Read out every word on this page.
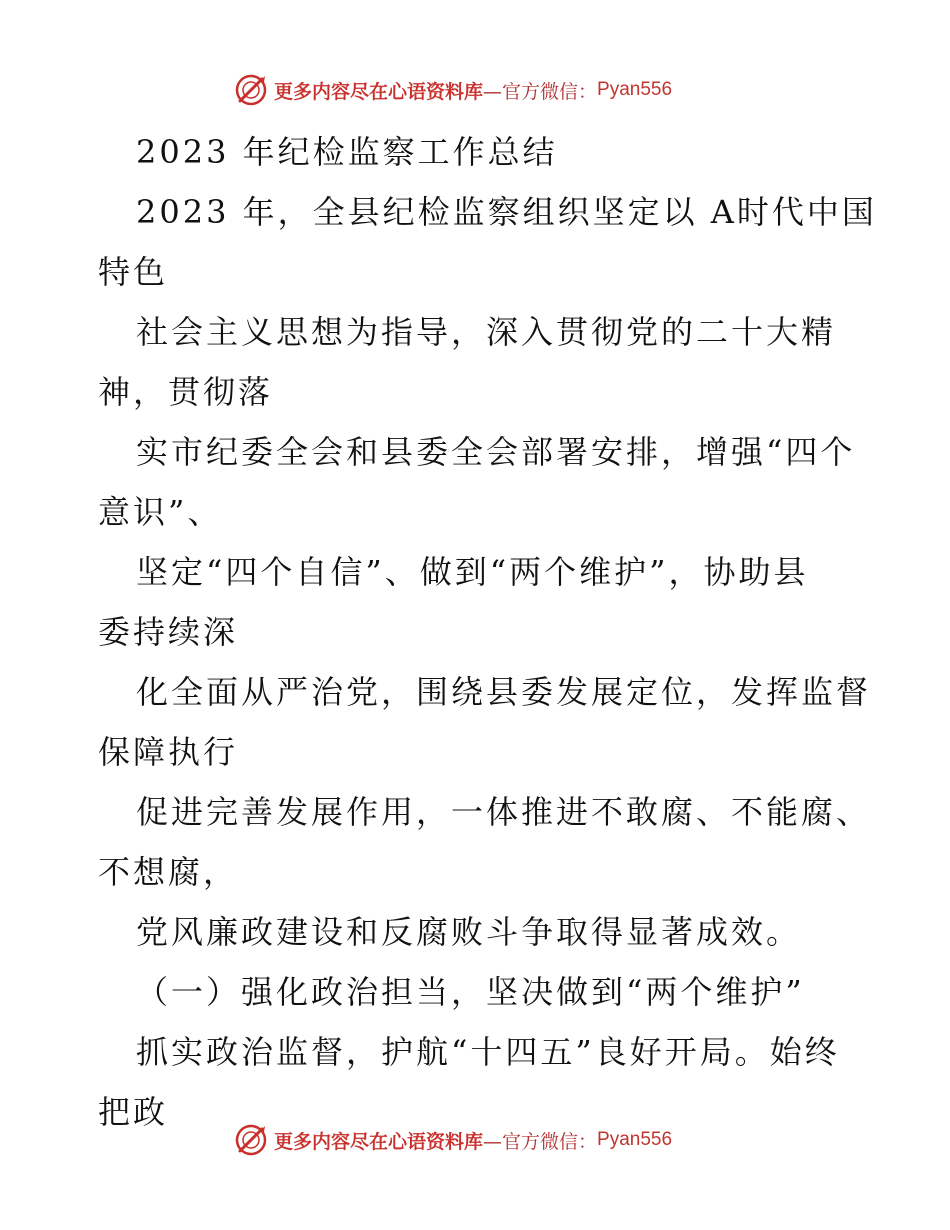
更多内容尽在心语资料库 —官方微信： Pyan556
2023 年纪检监察工作总结
2023 年，全县纪检监察组织坚定以 A时代中国
特色
社会主义思想为指导，深入贯彻党的二十大精
神，贯彻落
实市纪委全会和县委全会部署安排，增强“四个
意识”、
坚定“四个自信”、做到“两个维护”，协助县
委持续深
化全面从严治党，围绕县委发展定位，发挥监督
保障执行
促进完善发展作用，一体推进不敢腐、不能腐、
不想腐，
党风廉政建设和反腐败斗争取得显著成效。
（一）强化政治担当，坚决做到“两个维护”
抓实政治监督，护航“十四五”良好开局。始终
把政
更多内容尽在心语资料库 —官方微信： Pyan556
